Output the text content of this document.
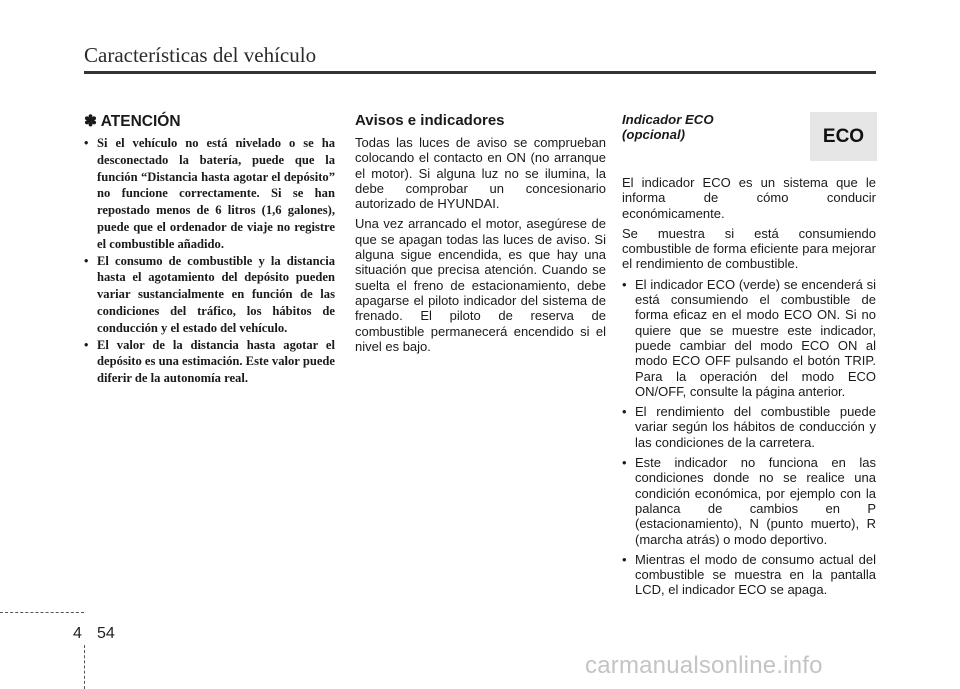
Características del vehículo
✽ ATENCIÓN
• Si el vehículo no está nivelado o se ha desconectado la batería, puede que la función “Distancia hasta agotar el depósito” no funcione correctamente. Si se han repostado menos de 6 litros (1,6 galones), puede que el ordenador de viaje no registre el combustible añadido.
• El consumo de combustible y la distancia hasta el agotamiento del depósito pueden variar sustancialmente en función de las condiciones del tráfico, los hábitos de conducción y el estado del vehículo.
• El valor de la distancia hasta agotar el depósito es una estimación. Este valor puede diferir de la autonomía real.
Avisos e indicadores

Todas las luces de aviso se comprueban colocando el contacto en ON (no arranque el motor). Si alguna luz no se ilumina, la debe comprobar un concesionario autorizado de HYUNDAI.

Una vez arrancado el motor, asegúrese de que se apagan todas las luces de aviso. Si alguna sigue encendida, es que hay una situación que precisa atención. Cuando se suelta el freno de estacionamiento, debe apagarse el piloto indicador del sistema de frenado. El piloto de reserva de combustible permanecerá encendido si el nivel es bajo.

Indicador ECO
(opcional)

El indicador ECO es un sistema que le informa de cómo conducir económicamente.

Se muestra si está consumiendo combustible de forma eficiente para mejorar el rendimiento de combustible.

• El indicador ECO (verde) se encenderá si está consumiendo el combustible de forma eficaz en el modo ECO ON. Si no quiere que se muestre este indicador, puede cambiar del modo ECO ON al modo ECO OFF pulsando el botón TRIP. Para la operación del modo ECO ON/OFF, consulte la página anterior.
• El rendimiento del combustible puede variar según los hábitos de conducción y las condiciones de la carretera.
• Este indicador no funciona en las condiciones donde no se realice una condición económica, por ejemplo con la palanca de cambios en P (estacionamiento), N (punto muerto), R (marcha atrás) o modo deportivo.
• Mientras el modo de consumo actual del combustible se muestra en la pantalla LCD, el indicador ECO se apaga.
ECO
4 54
carmanualsonline.info
